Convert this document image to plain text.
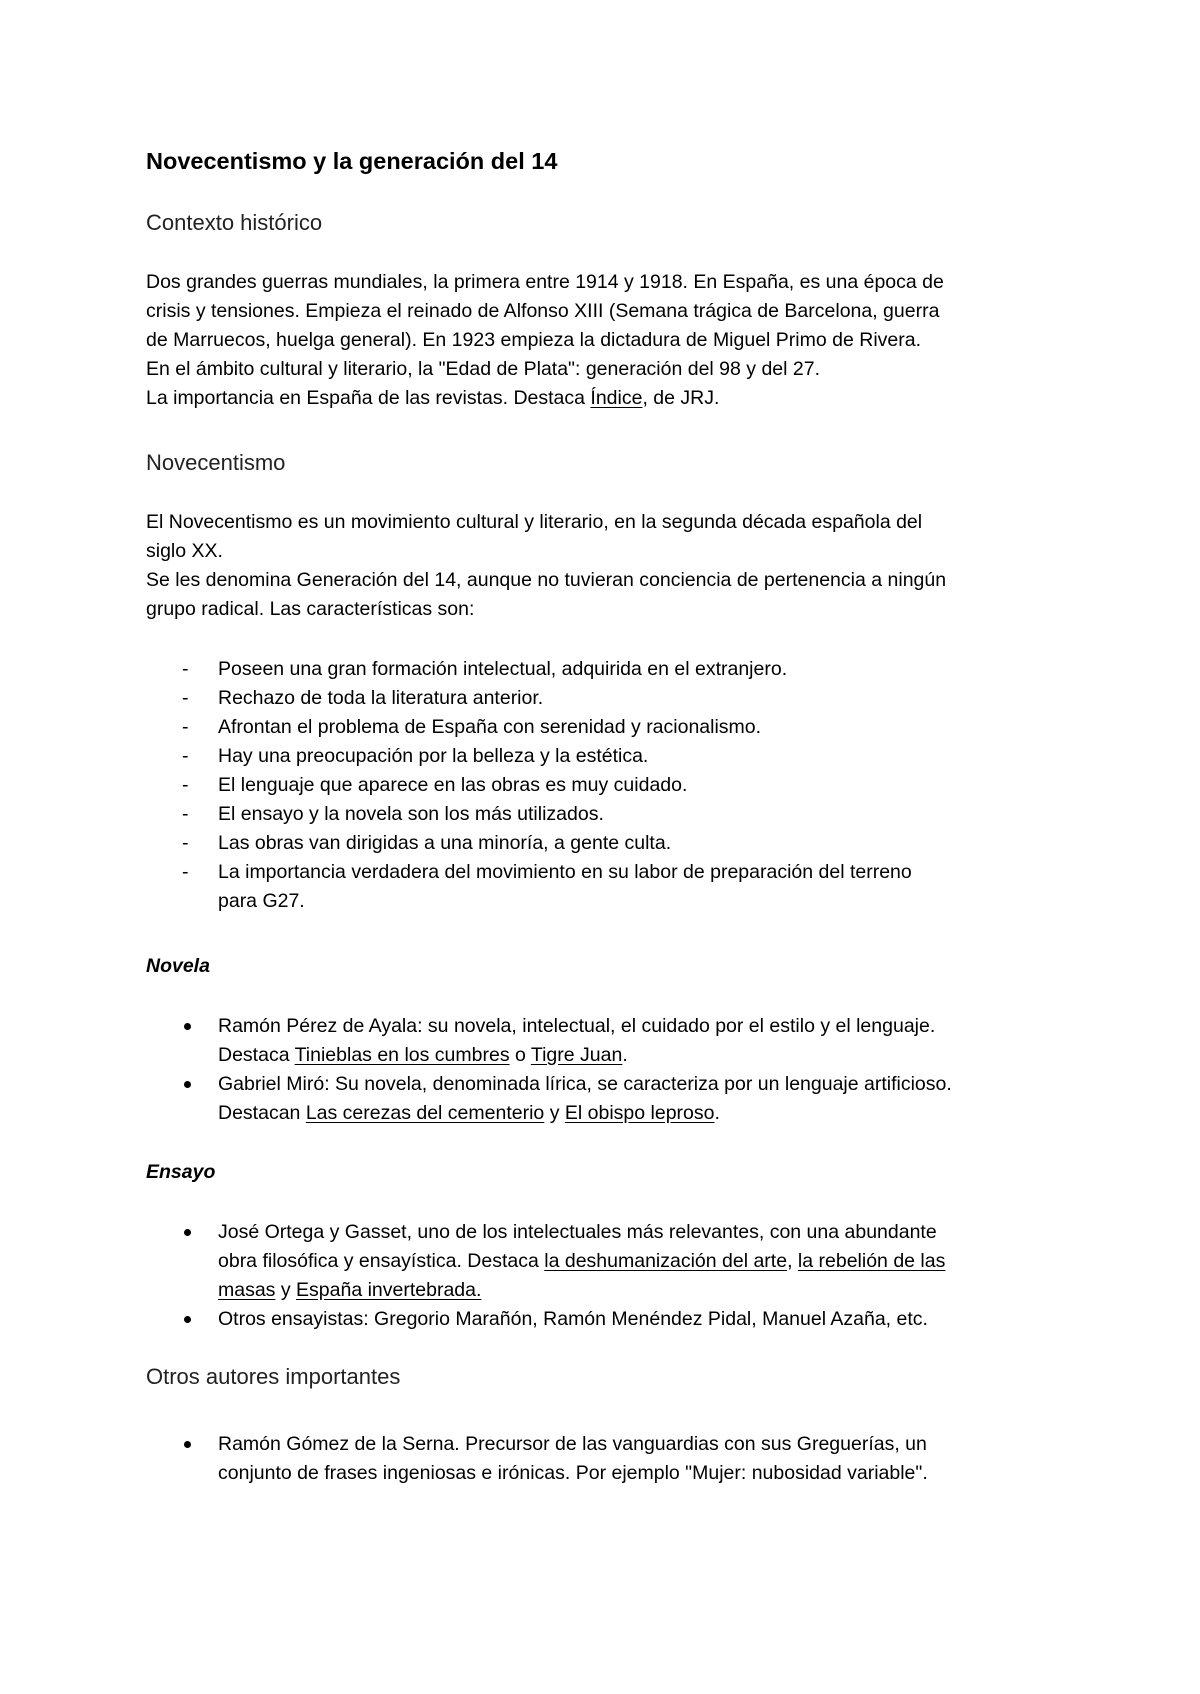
Novecentismo y la generación del 14
Contexto histórico
Dos grandes guerras mundiales, la primera entre 1914 y 1918. En España, es una época de
crisis y tensiones. Empieza el reinado de Alfonso XIII (Semana trágica de Barcelona, guerra
de Marruecos, huelga general). En 1923 empieza la dictadura de Miguel Primo de Rivera.
En el ámbito cultural y literario, la "Edad de Plata": generación del 98 y del 27.
La importancia en España de las revistas. Destaca Índice, de JRJ.
Novecentismo
El Novecentismo es un movimiento cultural y literario, en la segunda década española del
siglo XX.
Se les denomina Generación del 14, aunque no tuvieran conciencia de pertenencia a ningún
grupo radical. Las características son:
-	Poseen una gran formación intelectual, adquirida en el extranjero.
-	Rechazo de toda la literatura anterior.
-	Afrontan el problema de España con serenidad y racionalismo.
-	Hay una preocupación por la belleza y la estética.
-	El lenguaje que aparece en las obras es muy cuidado.
-	El ensayo y la novela son los más utilizados.
-	Las obras van dirigidas a una minoría, a gente culta.
-	La importancia verdadera del movimiento en su labor de preparación del terreno
para G27.
Novela
Ramón Pérez de Ayala: su novela, intelectual, el cuidado por el estilo y el lenguaje.
Destaca Tinieblas en los cumbres o Tigre Juan.
Gabriel Miró: Su novela, denominada lírica, se caracteriza por un lenguaje artificioso.
Destacan Las cerezas del cementerio y El obispo leproso.
Ensayo
José Ortega y Gasset, uno de los intelectuales más relevantes, con una abundante
obra filosófica y ensayística. Destaca la deshumanización del arte, la rebelión de las
masas y España invertebrada.
Otros ensayistas: Gregorio Marañón, Ramón Menéndez Pidal, Manuel Azaña, etc.
Otros autores importantes
Ramón Gómez de la Serna. Precursor de las vanguardias con sus Greguerías, un
conjunto de frases ingeniosas e irónicas. Por ejemplo "Mujer: nubosidad variable".
